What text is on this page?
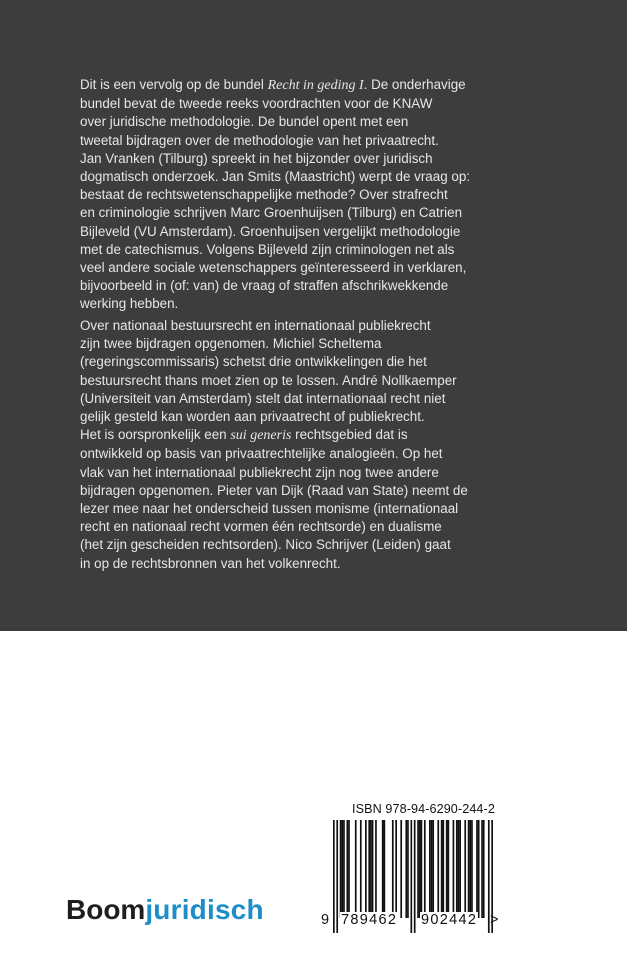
Dit is een vervolg op de bundel Recht in geding I. De onderhavige
bundel bevat de tweede reeks voordrachten voor de KNAW
over juridische methodologie. De bundel opent met een
tweetal bijdragen over de methodologie van het privaatrecht.
Jan Vranken (Tilburg) spreekt in het bijzonder over juridisch
dogmatisch onderzoek. Jan Smits (Maastricht) werpt de vraag op:
bestaat de rechtswetenschappelijke methode? Over strafrecht
en criminologie schrijven Marc Groenhuijsen (Tilburg) en Catrien
Bijleveld (VU Amsterdam). Groenhuijsen vergelijkt methodologie
met de catechismus. Volgens Bijleveld zijn criminologen net als
veel andere sociale wetenschappers geïnteresseerd in verklaren,
bijvoorbeeld in (of: van) de vraag of straffen afschrikwekkende
werking hebben.
Over nationaal bestuursrecht en internationaal publiekrecht
zijn twee bijdragen opgenomen. Michiel Scheltema
(regeringscommissaris) schetst drie ontwikkelingen die het
bestuursrecht thans moet zien op te lossen. André Nollkaemper
(Universiteit van Amsterdam) stelt dat internationaal recht niet
gelijk gesteld kan worden aan privaatrecht of publiekrecht.
Het is oorspronkelijk een sui generis rechtsgebied dat is
ontwikkeld op basis van privaatrechtelijke analogieën. Op het
vlak van het internationaal publiekrecht zijn nog twee andere
bijdragen opgenomen. Pieter van Dijk (Raad van State) neemt de
lezer mee naar het onderscheid tussen monisme (internationaal
recht en nationaal recht vormen één rechtsorde) en dualisme
(het zijn gescheiden rechtsorden). Nico Schrijver (Leiden) gaat
in op de rechtsbronnen van het volkenrecht.
ISBN 978-94-6290-244-2
9 789462 902442 >
Boomjuridisch
